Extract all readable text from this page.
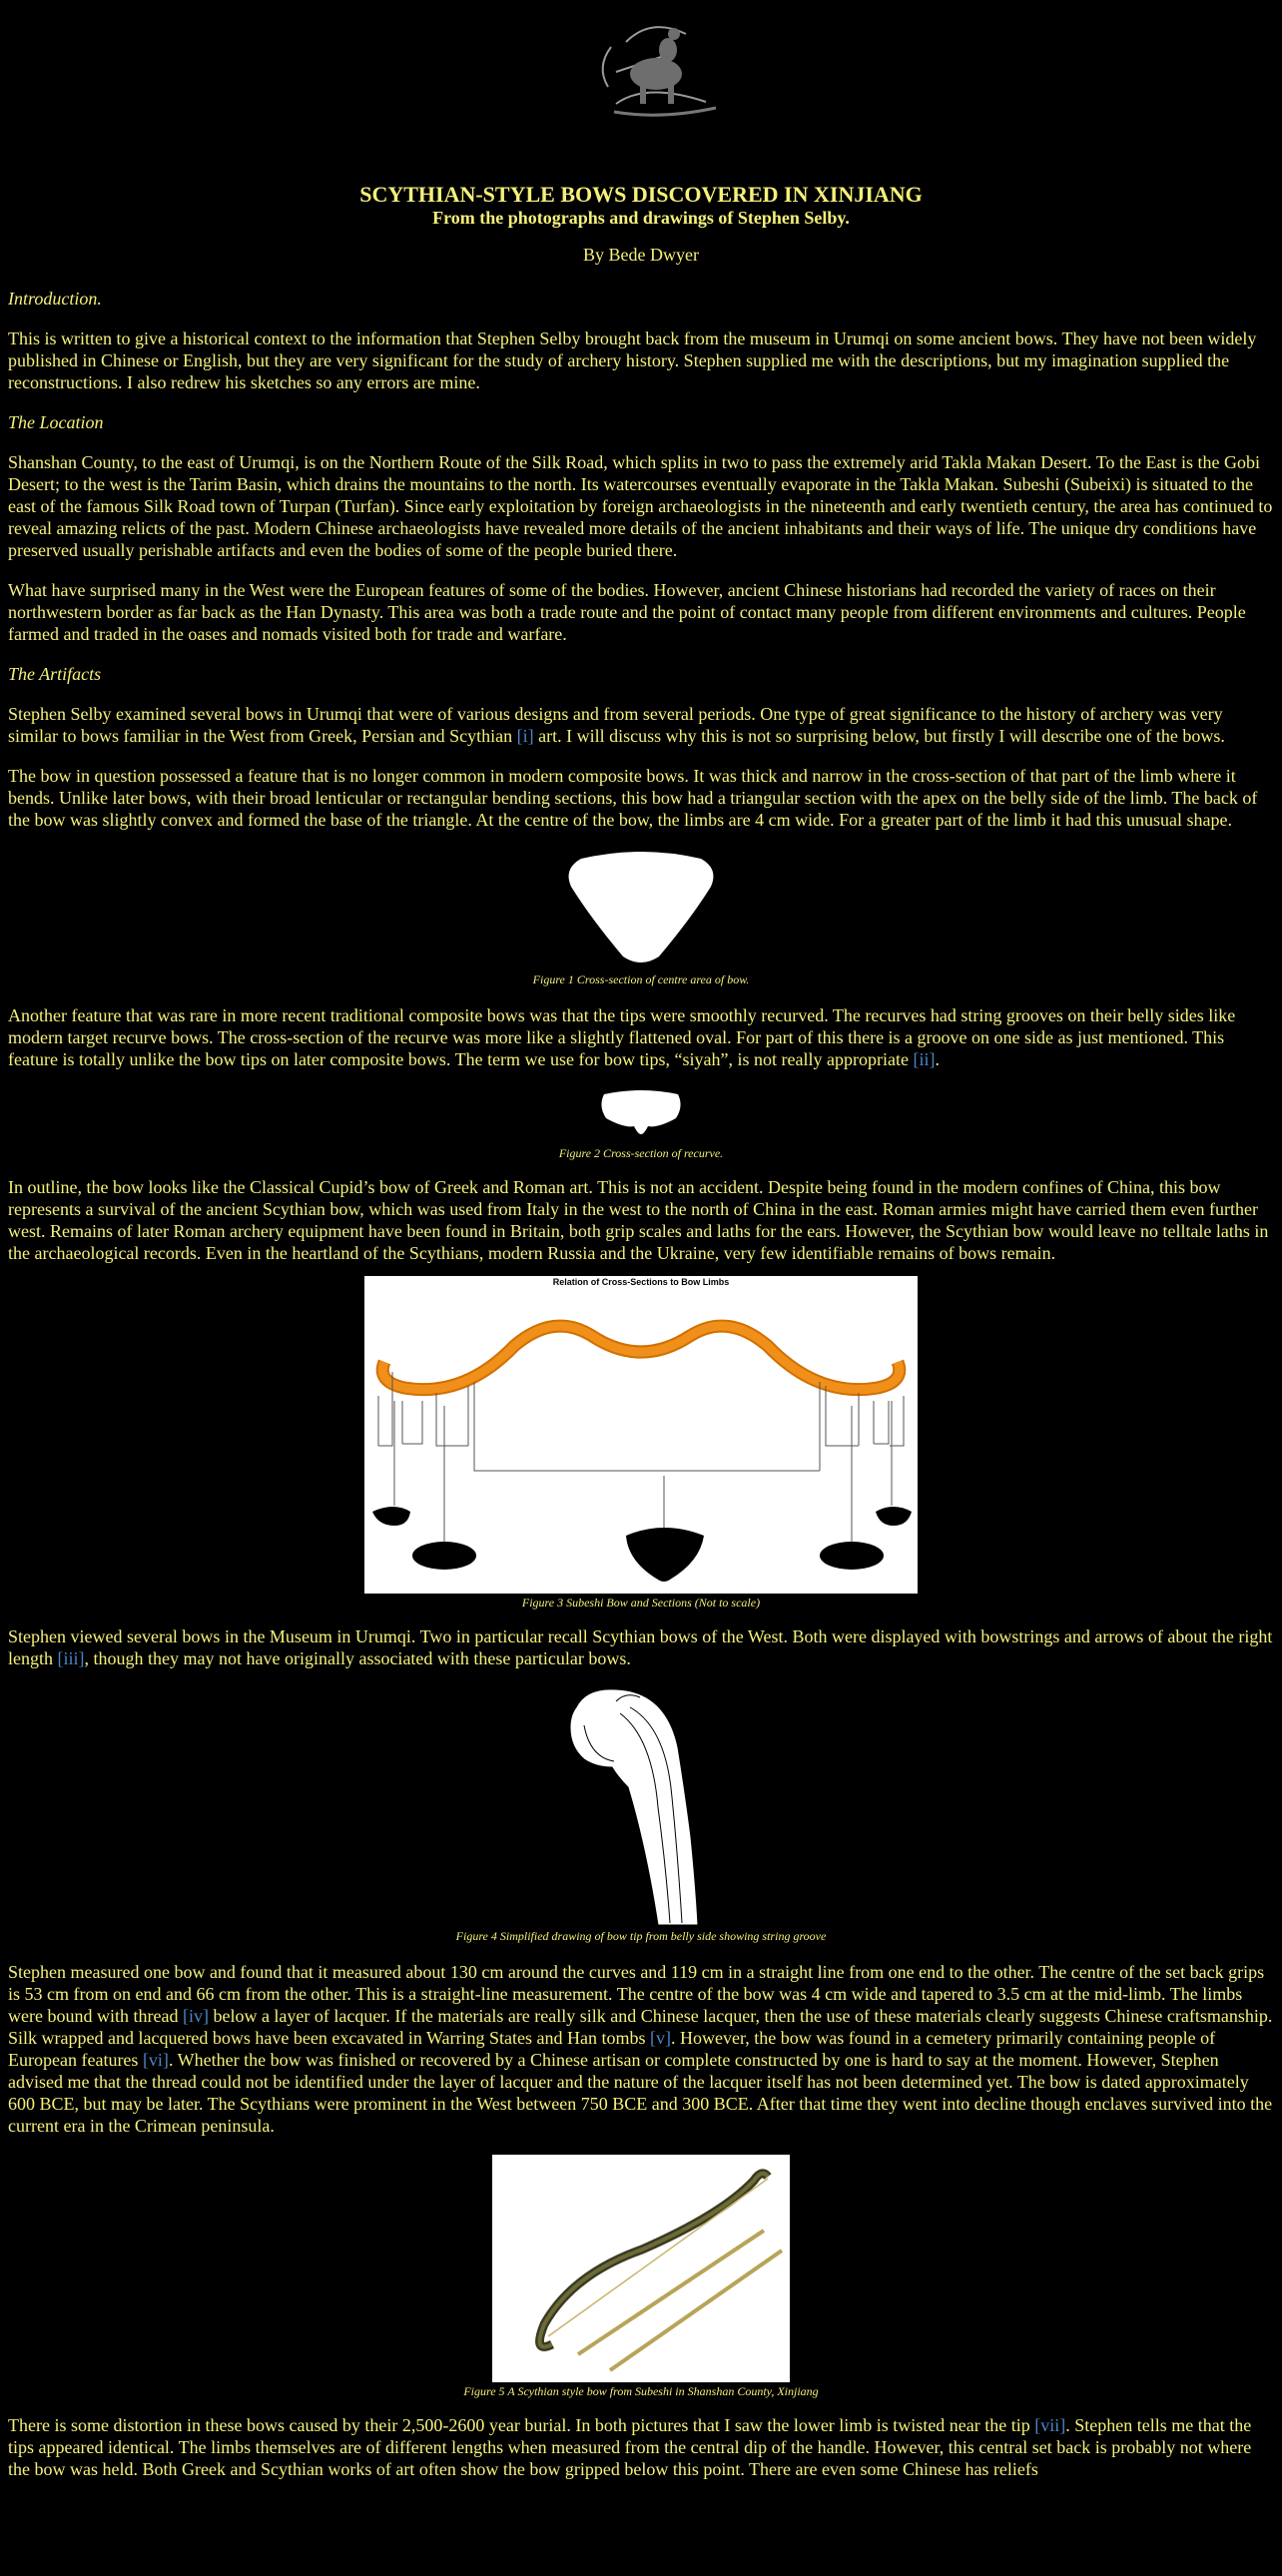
SCYTHIAN-STYLE BOWS DISCOVERED IN XINJIANG
From the photographs and drawings of Stephen Selby.
By Bede Dwyer
Introduction.

This is written to give a historical context to the information that Stephen Selby brought back from the museum in Urumqi on some ancient bows. They have not been widely published in Chinese or English, but they are very significant for the study of archery history. Stephen supplied me with the descriptions, but my imagination supplied the reconstructions. I also redrew his sketches so any errors are mine.

The Location

Shanshan County, to the east of Urumqi, is on the Northern Route of the Silk Road, which splits in two to pass the extremely arid Takla Makan Desert. To the East is the Gobi Desert; to the west is the Tarim Basin, which drains the mountains to the north. Its watercourses eventually evaporate in the Takla Makan. Subeshi (Subeixi) is situated to the east of the famous Silk Road town of Turpan (Turfan). Since early exploitation by foreign archaeologists in the nineteenth and early twentieth century, the area has continued to reveal amazing relicts of the past. Modern Chinese archaeologists have revealed more details of the ancient inhabitants and their ways of life. The unique dry conditions have preserved usually perishable artifacts and even the bodies of some of the people buried there.

What have surprised many in the West were the European features of some of the bodies. However, ancient Chinese historians had recorded the variety of races on their northwestern border as far back as the Han Dynasty. This area was both a trade route and the point of contact many people from different environments and cultures. People farmed and traded in the oases and nomads visited both for trade and warfare.

The Artifacts

Stephen Selby examined several bows in Urumqi that were of various designs and from several periods. One type of great significance to the history of archery was very similar to bows familiar in the West from Greek, Persian and Scythian [i] art. I will discuss why this is not so surprising below, but firstly I will describe one of the bows.

The bow in question possessed a feature that is no longer common in modern composite bows. It was thick and narrow in the cross-section of that part of the limb where it bends. Unlike later bows, with their broad lenticular or rectangular bending sections, this bow had a triangular section with the apex on the belly side of the limb. The back of the bow was slightly convex and formed the base of the triangle. At the centre of the bow, the limbs are 4 cm wide. For a greater part of the limb it had this unusual shape.

Figure 1 Cross-section of centre area of bow.

Another feature that was rare in more recent traditional composite bows was that the tips were smoothly recurved. The recurves had string grooves on their belly sides like modern target recurve bows. The cross-section of the recurve was more like a slightly flattened oval. For part of this there is a groove on one side as just mentioned. This feature is totally unlike the bow tips on later composite bows. The term we use for bow tips, “siyah”, is not really appropriate [ii].

Figure 2 Cross-section of recurve.

In outline, the bow looks like the Classical Cupid’s bow of Greek and Roman art. This is not an accident. Despite being found in the modern confines of China, this bow represents a survival of the ancient Scythian bow, which was used from Italy in the west to the north of China in the east. Roman armies might have carried them even further west. Remains of later Roman archery equipment have been found in Britain, both grip scales and laths for the ears. However, the Scythian bow would leave no telltale laths in the archaeological records. Even in the heartland of the Scythians, modern Russia and the Ukraine, very few identifiable remains of bows remain.

Relation of Cross-Sections to Bow Limbs
Figure 3 Subeshi Bow and Sections (Not to scale)

Stephen viewed several bows in the Museum in Urumqi. Two in particular recall Scythian bows of the West. Both were displayed with bowstrings and arrows of about the right length [iii], though they may not have originally associated with these particular bows.

Figure 4 Simplified drawing of bow tip from belly side showing string groove

Stephen measured one bow and found that it measured about 130 cm around the curves and 119 cm in a straight line from one end to the other. The centre of the set back grips is 53 cm from on end and 66 cm from the other. This is a straight-line measurement. The centre of the bow was 4 cm wide and tapered to 3.5 cm at the mid-limb. The limbs were bound with thread [iv] below a layer of lacquer. If the materials are really silk and Chinese lacquer, then the use of these materials clearly suggests Chinese craftsmanship. Silk wrapped and lacquered bows have been excavated in Warring States and Han tombs [v]. However, the bow was found in a cemetery primarily containing people of European features [vi]. Whether the bow was finished or recovered by a Chinese artisan or complete constructed by one is hard to say at the moment. However, Stephen advised me that the thread could not be identified under the layer of lacquer and the nature of the lacquer itself has not been determined yet. The bow is dated approximately 600 BCE, but may be later. The Scythians were prominent in the West between 750 BCE and 300 BCE. After that time they went into decline though enclaves survived into the current era in the Crimean peninsula.

Figure 5 A Scythian style bow from Subeshi in Shanshan County, Xinjiang

There is some distortion in these bows caused by their 2,500-2600 year burial. In both pictures that I saw the lower limb is twisted near the tip [vii]. Stephen tells me that the tips appeared identical. The limbs themselves are of different lengths when measured from the central dip of the handle. However, this central set back is probably not where the bow was held. Both Greek and Scythian works of art often show the bow gripped below this point. There are even some Chinese has reliefs
